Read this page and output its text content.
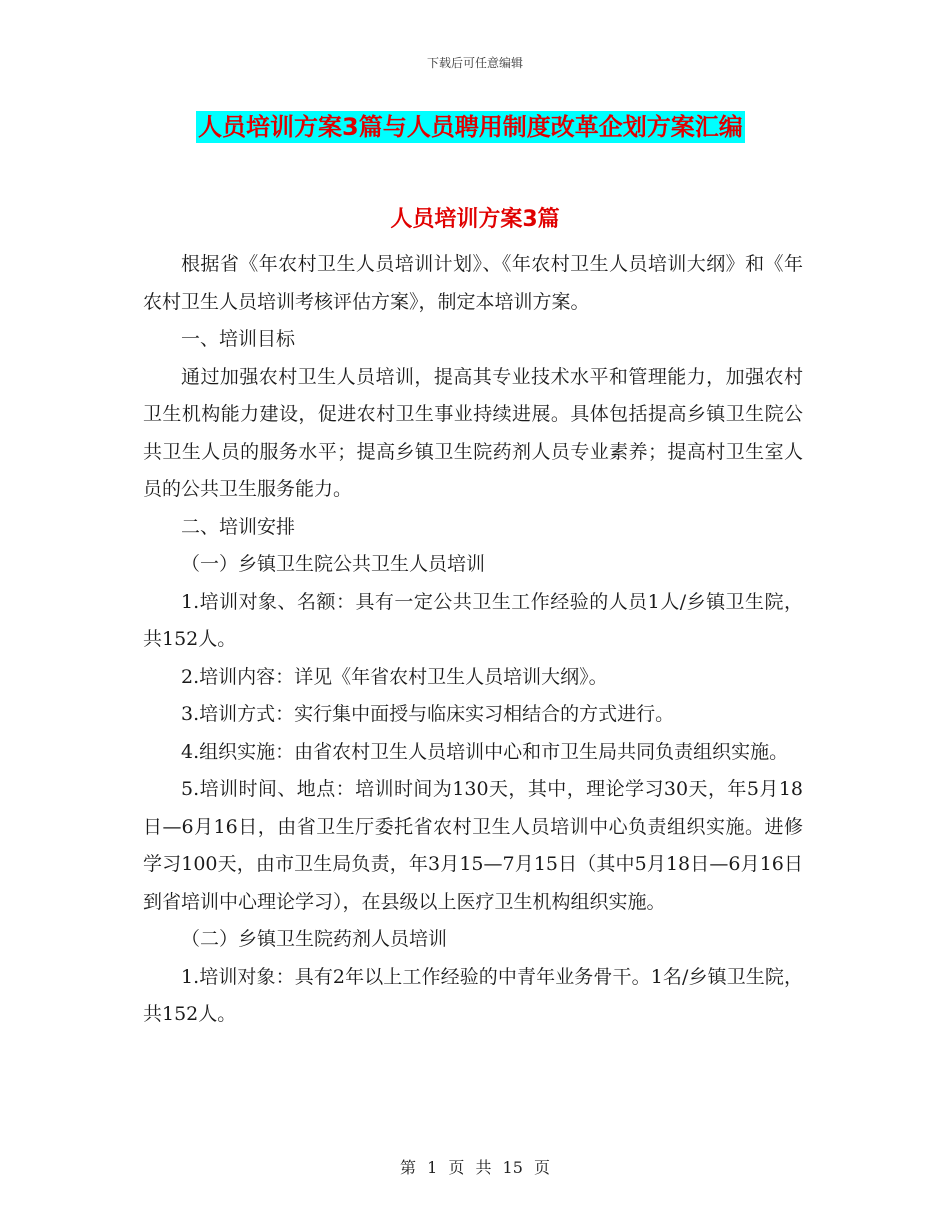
下载后可任意编辑
人员培训方案3篇与人员聘用制度改革企划方案汇编
人员培训方案3篇

根据省《年农村卫生人员培训计划》、《年农村卫生人员培训大纲》和《年农村卫生人员培训考核评估方案》，制定本培训方案。

一、培训目标

通过加强农村卫生人员培训，提高其专业技术水平和管理能力，加强农村卫生机构能力建设，促进农村卫生事业持续进展。具体包括提高乡镇卫生院公共卫生人员的服务水平；提高乡镇卫生院药剂人员专业素养；提高村卫生室人员的公共卫生服务能力。

二、培训安排

（一）乡镇卫生院公共卫生人员培训

1.培训对象、名额：具有一定公共卫生工作经验的人员1人/乡镇卫生院，共152人。

2.培训内容：详见《年省农村卫生人员培训大纲》。

3.培训方式：实行集中面授与临床实习相结合的方式进行。

4.组织实施：由省农村卫生人员培训中心和市卫生局共同负责组织实施。

5.培训时间、地点：培训时间为130天，其中，理论学习30天，年5月18日—6月16日，由省卫生厅委托省农村卫生人员培训中心负责组织实施。进修学习100天，由市卫生局负责，年3月15—7月15日（其中5月18日—6月16日到省培训中心理论学习），在县级以上医疗卫生机构组织实施。

（二）乡镇卫生院药剂人员培训

1.培训对象：具有2年以上工作经验的中青年业务骨干。1名/乡镇卫生院，共152人。

第 1 页 共 15 页
